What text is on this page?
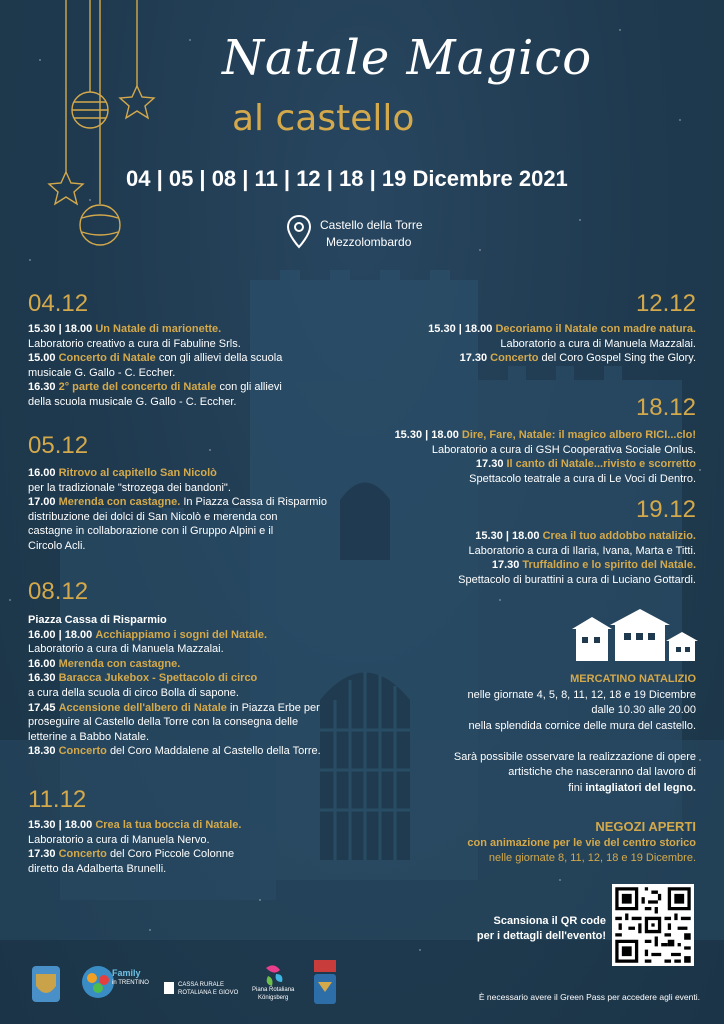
Natale Magico
al castello
04 | 05 | 08 | 11 | 12 | 18 | 19 Dicembre 2021
Castello della Torre
Mezzolombardo
04.12

15.30 | 18.00 Un Natale di marionette.

Laboratorio creativo a cura di Fabuline Srls.

15.00 Concerto di Natale con gli allievi della scuola

musicale G. Gallo - C. Eccher.

16.30 2° parte del concerto di Natale con gli allievi

della scuola musicale G. Gallo - C. Eccher.

05.12

16.00 Ritrovo al capitello San Nicolò

per la tradizionale "strozega dei bandoni".

17.00 Merenda con castagne. In Piazza Cassa di Risparmio

distribuzione dei dolci di San Nicolò e merenda con

castagne in collaborazione con il Gruppo Alpini e il

Circolo Acli.

08.12

Piazza Cassa di Risparmio

16.00 | 18.00 Acchiappiamo i sogni del Natale.

Laboratorio a cura di Manuela Mazzalai.

16.00 Merenda con castagne.

16.30 Baracca Jukebox - Spettacolo di circo

a cura della scuola di circo Bolla di sapone.

17.45 Accensione dell'albero di Natale in Piazza Erbe per

proseguire al Castello della Torre con la consegna delle

letterine a Babbo Natale.

18.30 Concerto del Coro Maddalene al Castello della Torre.

11.12

15.30 | 18.00 Crea la tua boccia di Natale.

Laboratorio a cura di Manuela Nervo.

17.30 Concerto del Coro Piccole Colonne

diretto da Adalberta Brunelli.

12.12

15.30 | 18.00 Decoriamo il Natale con madre natura.

Laboratorio a cura di Manuela Mazzalai.

17.30 Concerto del Coro Gospel Sing the Glory.

18.12

15.30 | 18.00 Dire, Fare, Natale: il magico albero RICI...clo!

Laboratorio a cura di GSH Cooperativa Sociale Onlus.

17.30 Il canto di Natale...rivisto e scorretto

Spettacolo teatrale a cura di Le Voci di Dentro.

19.12

15.30 | 18.00 Crea il tuo addobbo natalizio.

Laboratorio a cura di Ilaria, Ivana, Marta e Titti.

17.30 Truffaldino e lo spirito del Natale.

Spettacolo di burattini a cura di Luciano Gottardi.

MERCATINO NATALIZIO

nelle giornate 4, 5, 8, 11, 12, 18 e 19 Dicembre

dalle 10.30 alle 20.00

nella splendida cornice delle mura del castello.

Sarà possibile osservare la realizzazione di opere

artistiche che nasceranno dal lavoro di

fini intagliatori del legno.

NEGOZI APERTI

con animazione per le vie del centro storico

nelle giornate 8, 11, 12, 18 e 19 Dicembre.

Scansiona il QR code
per i dettagli dell'evento!
Family
in TRENTINO	CASSA RURALE
ROTALIANA E GIOVO Piana Rotaliana
Königsberg	È necessario avere il Green Pass per accedere agli eventi.
